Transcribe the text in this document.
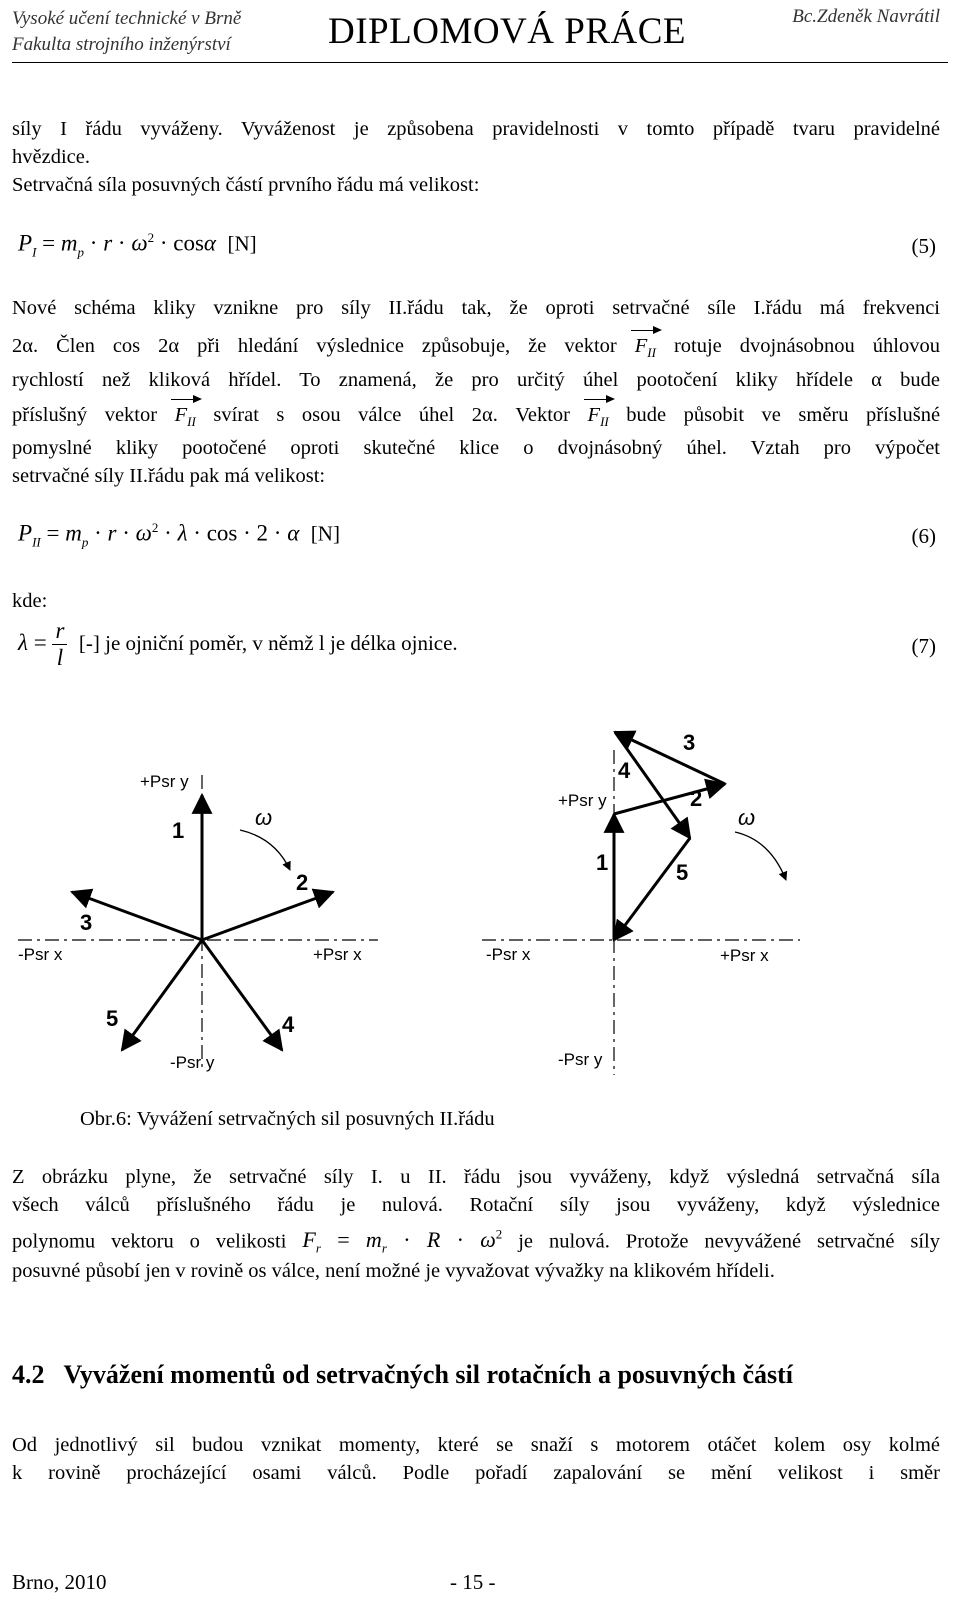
Vysoké učení technické v Brně
Fakulta strojního inženýrství	DIPLOMOVÁ PRÁCE	Bc.Zdeněk Navrátil
síly I řádu vyváženy. Vyváženost je způsobena pravidelnosti v tomto případě tvaru pravidelné
hvězdice.
Setrvačná síla posuvných částí prvního řádu má velikost:
$P_I = m_p \cdot r \cdot \omega^2 \cdot \cos\alpha$  [N]	(5)
Nové schéma kliky vznikne pro síly II.řádu tak, že oproti setrvačné síle I.řádu má frekvenci
2α. Člen cos 2α při hledání výslednice způsobuje, že vektor $F_{II}$ rotuje dvojnásobnou úhlovou
rychlostí než kliková hřídel. To znamená, že pro určitý úhel pootočení kliky hřídele α bude
příslušný vektor $F_{II}$ svírat s osou válce úhel 2α. Vektor $F_{II}$ bude působit ve směru příslušné
pomyslné kliky pootočené oproti skutečné klice o dvojnásobný úhel. Vztah pro výpočet
setrvačné síly II.řádu pak má velikost:
$P_{II} = m_p \cdot r \cdot \omega^2 \cdot \lambda \cdot \cos \cdot 2 \cdot \alpha$  [N]	(6)
kde:
$\lambda = \frac{r}{l}$ [-] je ojniční poměr, v němž l je délka ojnice.	(7)
+Psr y
-Psr y
-Psr x	+Psr x
ω
1
2
3
4
5
+Psr y
-Psr y
-Psr x	+Psr x
ω
1
2
3
4
5
Obr.6: Vyvážení setrvačných sil posuvných II.řádu
Z obrázku plyne, že setrvačné síly I. u II. řádu jsou vyváženy, když výsledná setrvačná síla
všech válců příslušného řádu je nulová. Rotační síly jsou vyváženy, když výslednice
polynomu vektoru o velikosti $F_r = m_r \cdot R \cdot \omega^2$ je nulová. Protože nevyvážené setrvačné síly
posuvné působí jen v rovině os válce, není možné je vyvažovat vývažky na klikovém hřídeli.
4.2   Vyvážení momentů od setrvačných sil rotačních a posuvných částí
Od jednotlivý sil budou vznikat momenty, které se snaží s motorem otáčet kolem osy kolmé
k rovině procházející osami válců. Podle pořadí zapalování se mění velikost i směr
Brno, 2010	- 15 -
